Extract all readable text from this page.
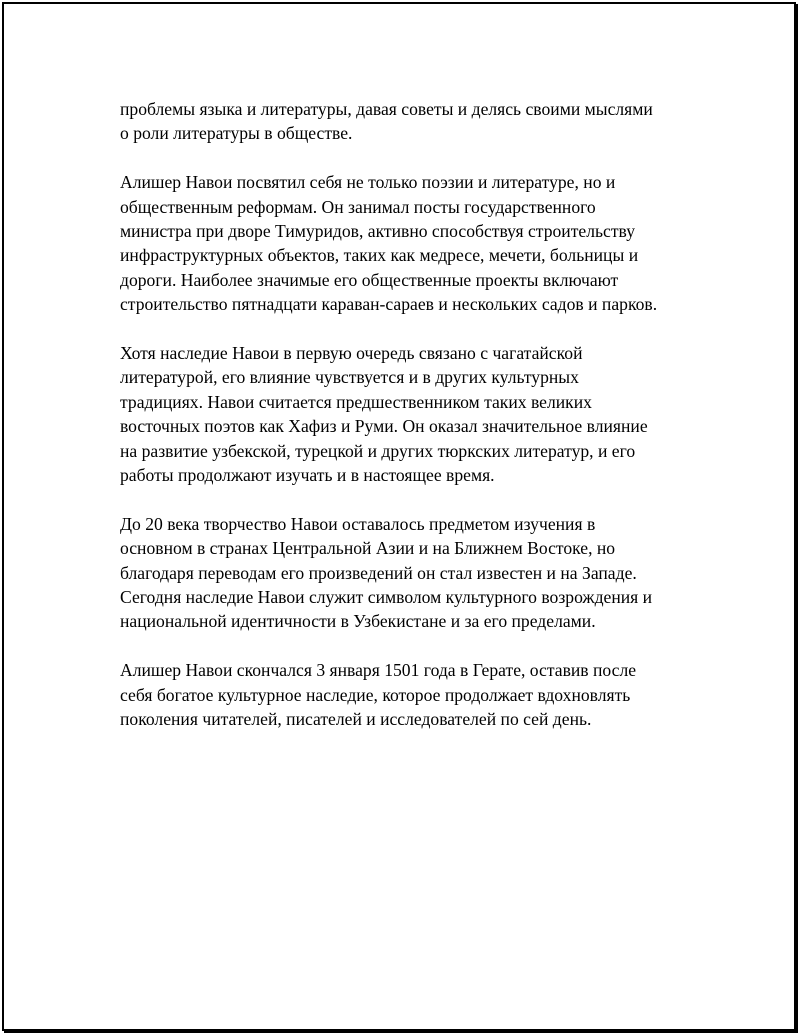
проблемы языка и литературы, давая советы и делясь своими мыслями
о роли литературы в обществе.

Алишер Навои посвятил себя не только поэзии и литературе, но и
общественным реформам. Он занимал посты государственного
министра при дворе Тимуридов, активно способствуя строительству
инфраструктурных объектов, таких как медресе, мечети, больницы и
дороги. Наиболее значимые его общественные проекты включают
строительство пятнадцати караван-сараев и нескольких садов и парков.

Хотя наследие Навои в первую очередь связано с чагатайской
литературой, его влияние чувствуется и в других культурных
традициях. Навои считается предшественником таких великих
восточных поэтов как Хафиз и Руми. Он оказал значительное влияние
на развитие узбекской, турецкой и других тюркских литератур, и его
работы продолжают изучать и в настоящее время.

До 20 века творчество Навои оставалось предметом изучения в
основном в странах Центральной Азии и на Ближнем Востоке, но
благодаря переводам его произведений он стал известен и на Западе.
Сегодня наследие Навои служит символом культурного возрождения и
национальной идентичности в Узбекистане и за его пределами.

Алишер Навои скончался 3 января 1501 года в Герате, оставив после
себя богатое культурное наследие, которое продолжает вдохновлять
поколения читателей, писателей и исследователей по сей день.
